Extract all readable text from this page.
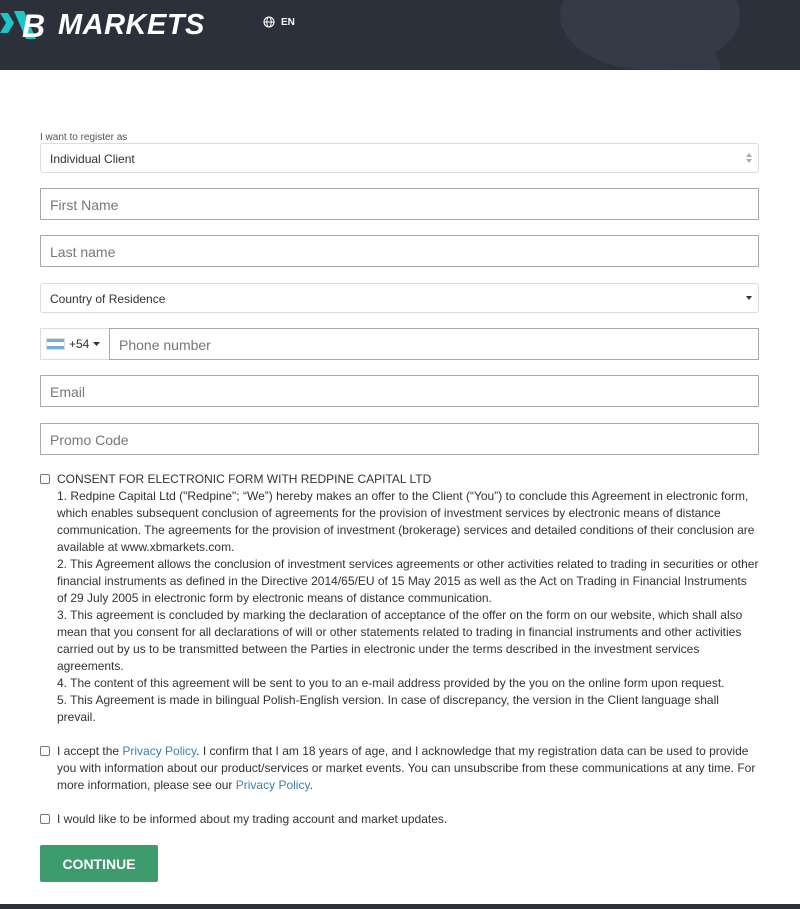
B MARKETS	EN
I want to register as
Individual Client
First Name
Last name
Country of Residence
+54	Phone number
Email
Promo Code

CONSENT FOR ELECTRONIC FORM WITH REDPINE CAPITAL LTD

1. Redpine Capital Ltd ("Redpine"; “We”) hereby makes an offer to the Client (“You”) to conclude this Agreement in electronic form, which enables subsequent conclusion of agreements for the provision of investment services by electronic means of distance communication. The agreements for the provision of investment (brokerage) services and detailed conditions of their conclusion are available at www.xbmarkets.com.

2. This Agreement allows the conclusion of investment services agreements or other activities related to trading in securities or other financial instruments as defined in the Directive 2014/65/EU of 15 May 2015 as well as the Act on Trading in Financial Instruments of 29 July 2005 in electronic form by electronic means of distance communication.

3. This agreement is concluded by marking the declaration of acceptance of the offer on the form on our website, which shall also mean that you consent for all declarations of will or other statements related to trading in financial instruments and other activities carried out by us to be transmitted between the Parties in electronic under the terms described in the investment services agreements.

4. The content of this agreement will be sent to you to an e-mail address provided by the you on the online form upon request.

5. This Agreement is made in bilingual Polish-English version. In case of discrepancy, the version in the Client language shall prevail.

I accept the Privacy Policy. I confirm that I am 18 years of age, and I acknowledge that my registration data can be used to provide you with information about our product/services or market events. You can unsubscribe from these communications at any time. For more information, please see our Privacy Policy.
I would like to be informed about my trading account and market updates.
CONTINUE
